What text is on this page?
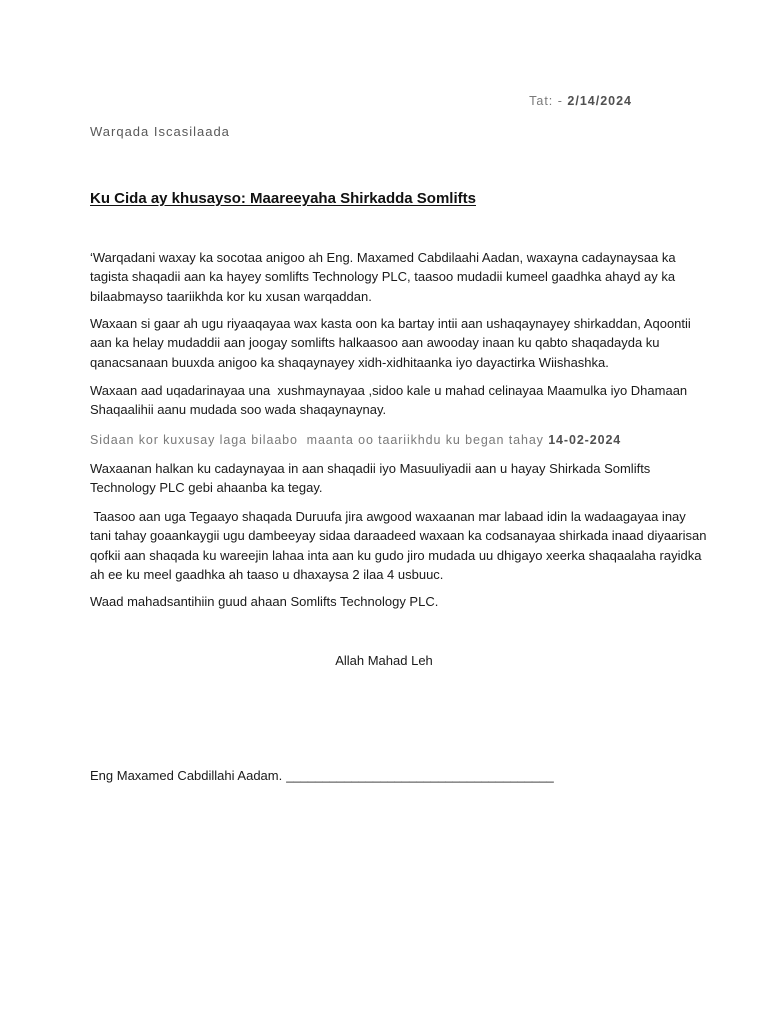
Tat: - 2/14/2024
Warqada Iscasilaada
Ku Cida ay khusayso: Maareeyaha Shirkadda Somlifts
‘Warqadani waxay ka socotaa anigoo ah Eng. Maxamed Cabdilaahi Aadan, waxayna cadaynaysaa ka
tagista shaqadii aan ka hayey somlifts Technology PLC, taasoo mudadii kumeel gaadhka ahayd ay ka
bilaabmayso taariikhda kor ku xusan warqaddan.
Waxaan si gaar ah ugu riyaaqayaa wax kasta oon ka bartay intii aan ushaqaynayey shirkaddan, Aqoontii
aan ka helay mudaddii aan joogay somlifts halkaasoo aan awooday inaan ku qabto shaqadayda ku
qanacsanaan buuxda anigoo ka shaqaynayey xidh-xidhitaanka iyo dayactirka Wiishashka.
Waxaan aad uqadarinayaa una  xushmaynayaa ,sidoo kale u mahad celinayaa Maamulka iyo Dhamaan
Shaqaalihii aanu mudada soo wada shaqaynaynay.
Sidaan kor kuxusay laga bilaabo  maanta oo taariikhdu ku began tahay 14-02-2024
Waxaanan halkan ku cadaynayaa in aan shaqadii iyo Masuuliyadii aan u hayay Shirkada Somlifts
Technology PLC gebi ahaanba ka tegay.
Taasoo aan uga Tegaayo shaqada Duruufa jira awgood waxaanan mar labaad idin la wadaagayaa inay
tani tahay goaankaygii ugu dambeeyay sidaa daraadeed waxaan ka codsanayaa shirkada inaad diyaarisan
qofkii aan shaqada ku wareejin lahaa inta aan ku gudo jiro mudada uu dhigayo xeerka shaqaalaha rayidka
ah ee ku meel gaadhka ah taaso u dhaxaysa 2 ilaa 4 usbuuc.
Waad mahadsantihiin guud ahaan Somlifts Technology PLC.
Allah Mahad Leh
Eng Maxamed Cabdillahi Aadam. _____________________________________
